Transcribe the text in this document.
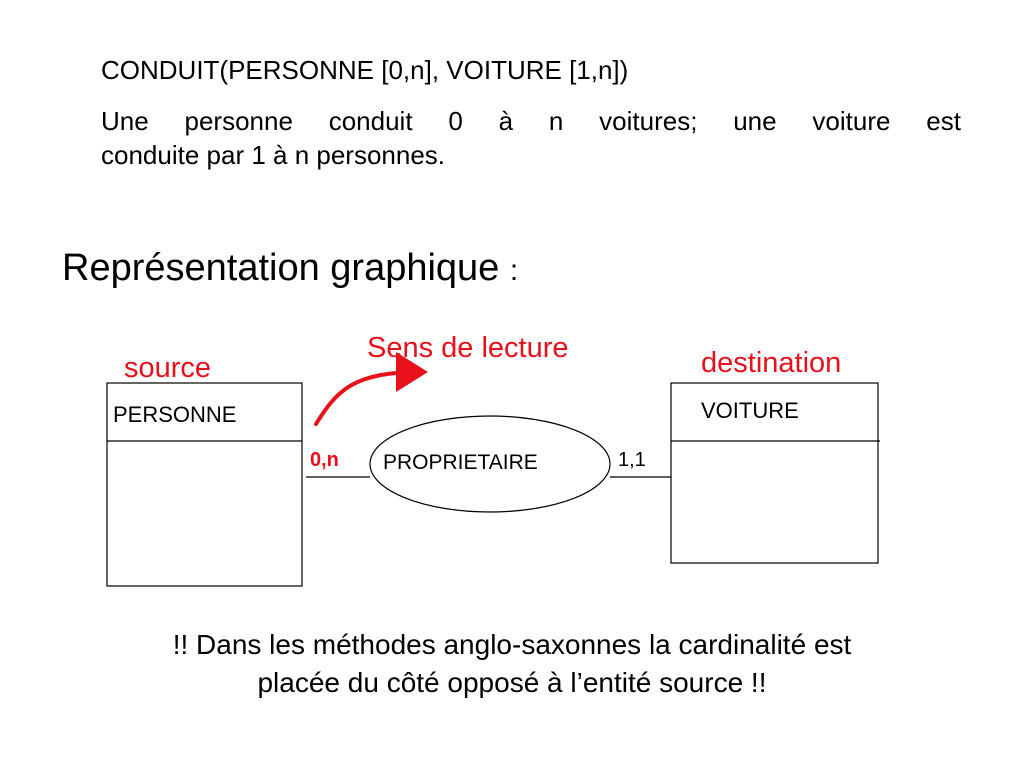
CONDUIT(PERSONNE [0,n], VOITURE [1,n])
Une personne conduit 0 à n voitures; une voiture est
conduite par 1 à n personnes.
Représentation graphique :
Sens de lecture
source	destination
PERSONNE	VOITURE
PROPRIETAIRE
0,n	1,1
!! Dans les méthodes anglo-saxonnes la cardinalité est
placée du côté opposé à l’entité source !!
